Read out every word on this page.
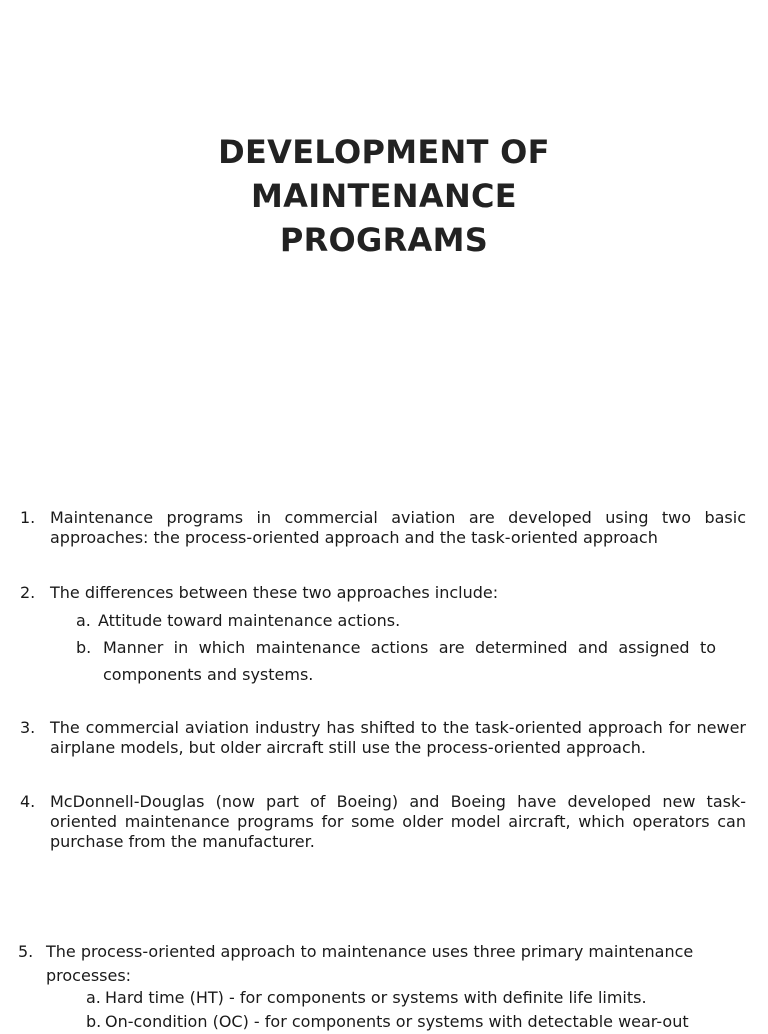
DEVELOPMENT OF
MAINTENANCE
PROGRAMS
1. Maintenance programs in commercial aviation are developed using two basic approaches: the process-oriented approach and the task-oriented approach
2. The differences between these two approaches include:
a. Attitude toward maintenance actions.
b. Manner in which maintenance actions are determined and assigned to components and systems.
3. The commercial aviation industry has shifted to the task-oriented approach for newer airplane models, but older aircraft still use the process-oriented approach.
4. McDonnell-Douglas (now part of Boeing) and Boeing have developed new task-oriented maintenance programs for some older model aircraft, which operators can purchase from the manufacturer.
5. The process-oriented approach to maintenance uses three primary maintenance processes:
a. Hard time (HT) - for components or systems with definite life limits.
b. On-condition (OC) - for components or systems with detectable wear-out
